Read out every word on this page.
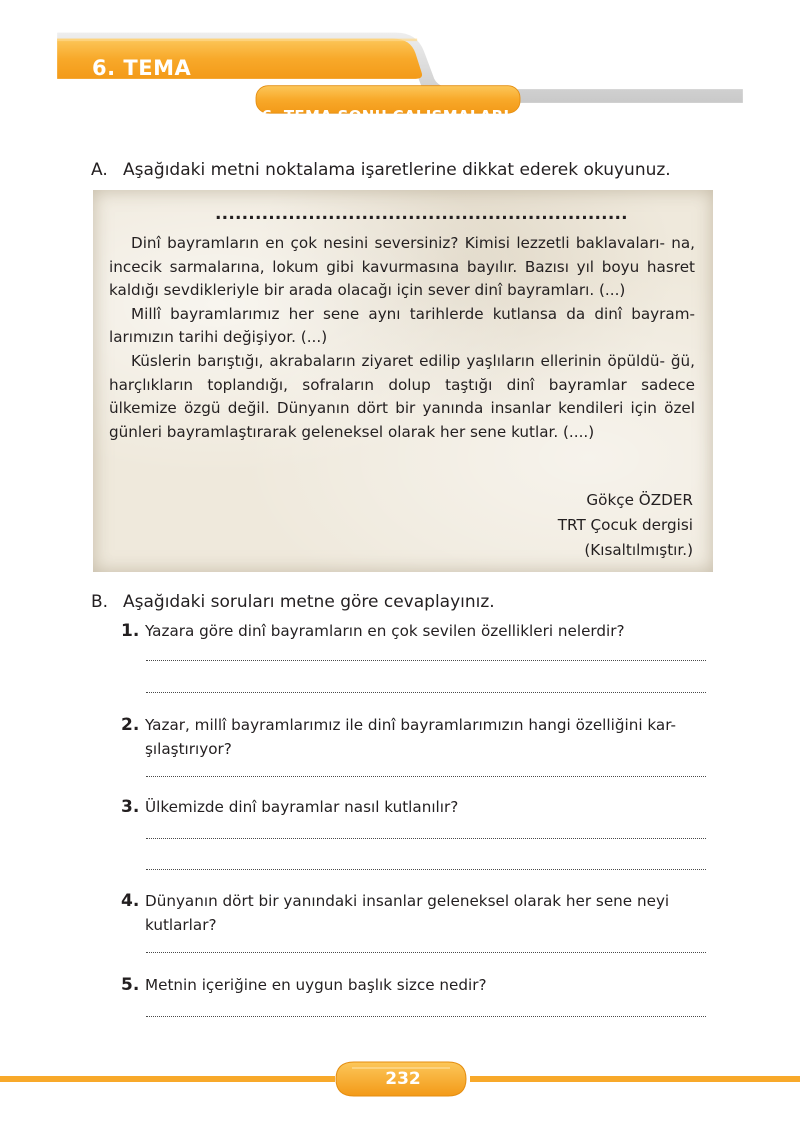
6. TEMA
6. TEMA SONU ÇALIŞMALARI
A. Aşağıdaki metni noktalama işaretlerine dikkat ederek okuyunuz.
..............................................................

Dinî bayramların en çok nesini seversiniz? Kimisi lezzetli baklavaları- na, incecik sarmalarına, lokum gibi kavurmasına bayılır. Bazısı yıl boyu hasret kaldığı sevdikleriyle bir arada olacağı için sever dinî bayramları. (...)

Millî bayramlarımız her sene aynı tarihlerde kutlansa da dinî bayram- larımızın tarihi değişiyor. (...)

Küslerin barıştığı, akrabaların ziyaret edilip yaşlıların ellerinin öpüldü- ğü, harçlıkların toplandığı, sofraların dolup taştığı dinî bayramlar sadece ülkemize özgü değil. Dünyanın dört bir yanında insanlar kendileri için özel günleri bayramlaştırarak geleneksel olarak her sene kutlar. (....)

Gökçe ÖZDER
TRT Çocuk dergisi
(Kısaltılmıştır.)
B. Aşağıdaki soruları metne göre cevaplayınız.
1. Yazara göre dinî bayramların en çok sevilen özellikleri nelerdir?
2. Yazar, millî bayramlarımız ile dinî bayramlarımızın hangi özelliğini kar-
şılaştırıyor?
3. Ülkemizde dinî bayramlar nasıl kutlanılır?
4. Dünyanın dört bir yanındaki insanlar geleneksel olarak her sene neyi
kutlarlar?
5. Metnin içeriğine en uygun başlık sizce nedir?
232
